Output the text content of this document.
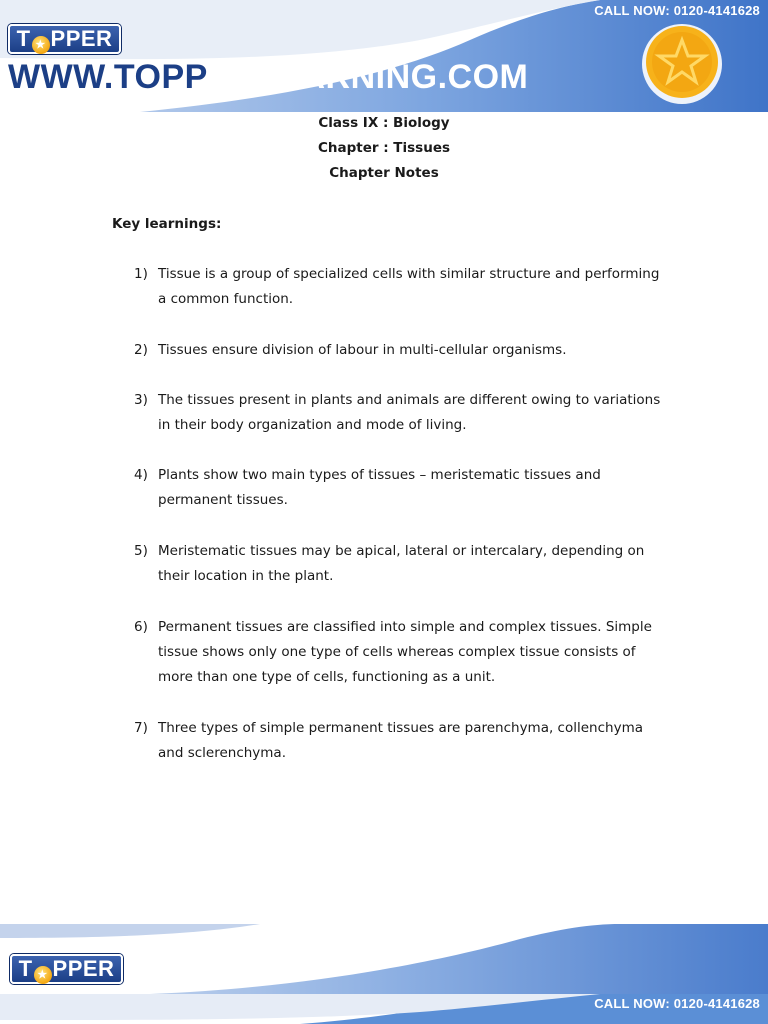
CALL NOW: 0120-4141628
T ★ PPER
WWW.TOPPERLEARNING.COM
Class IX : Biology
Chapter : Tissues
Chapter Notes
Key learnings:
1) Tissue is a group of specialized cells with similar structure and performing a common function.
2) Tissues ensure division of labour in multi-cellular organisms.
3) The tissues present in plants and animals are different owing to variations in their body organization and mode of living.
4) Plants show two main types of tissues – meristematic tissues and permanent tissues.
5) Meristematic tissues may be apical, lateral or intercalary, depending on their location in the plant.
6) Permanent tissues are classified into simple and complex tissues. Simple tissue shows only one type of cells whereas complex tissue consists of more than one type of cells, functioning as a unit.
7) Three types of simple permanent tissues are parenchyma, collenchyma and sclerenchyma.
T ★ PPER
CALL NOW: 0120-4141628
